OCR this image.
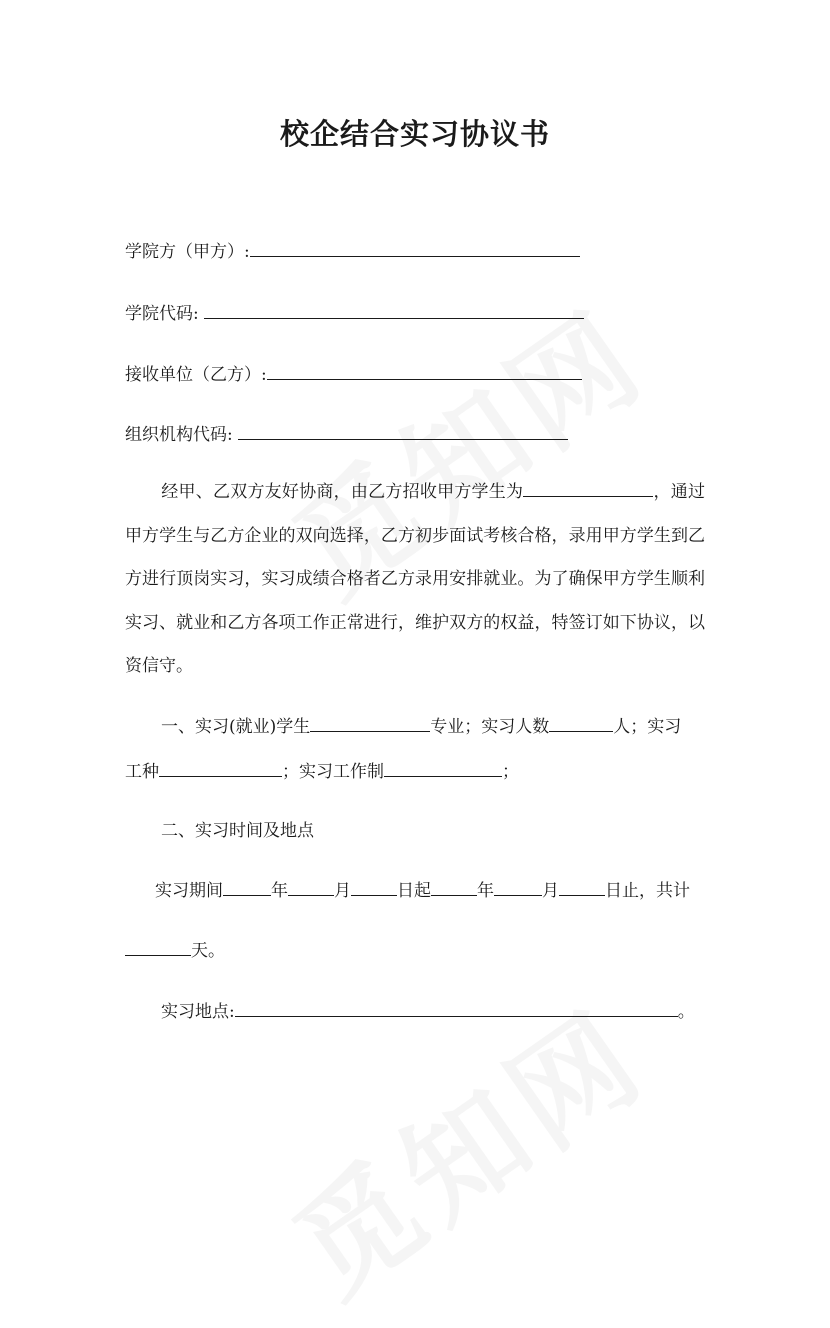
校企结合实习协议书
学院方（甲方）:
学院代码:
接收单位（乙方）:
组织机构代码:

经甲、乙双方友好协商，由乙方招收甲方学生为	，通过甲方学生与乙方企业的双向选择，乙方初步面试考核合格，录用甲方学生到乙方进行顶岗实习，实习成绩合格者乙方录用安排就业。为了确保甲方学生顺利实习、就业和乙方各项工作正常进行，维护双方的权益，特签订如下协议，以资信守。

一、实习(就业)学生	专业；实习人数	人；实习
工种	；实习工作制	；
二、实习时间及地点
实习期间	年	月	日起	年	月	日止，共计
天。
实习地点:	。
